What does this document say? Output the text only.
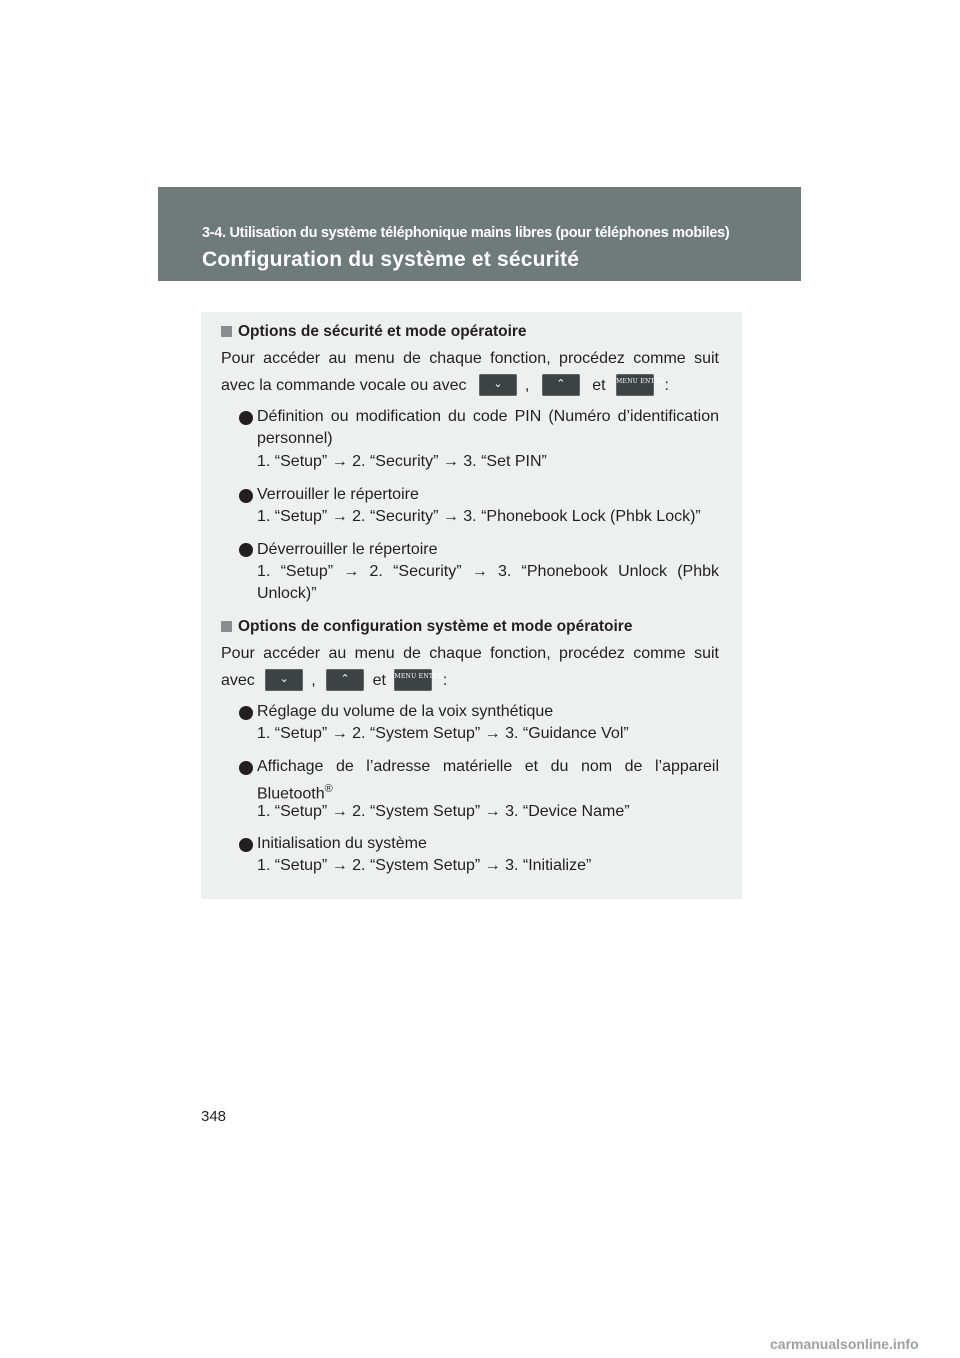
3-4. Utilisation du système téléphonique mains libres (pour téléphones mobiles)
Configuration du système et sécurité
Options de sécurité et mode opératoire
Pour accéder au menu de chaque fonction, procédez comme suit
avec la commande vocale ou avec	⌄	,	⌃	et MENU ENTER :
Définition ou modification du code PIN (Numéro d’identification
personnel)
1. “Setup” → 2. “Security” → 3. “Set PIN”
Verrouiller le répertoire
1. “Setup” → 2. “Security” → 3. “Phonebook Lock (Phbk Lock)”
Déverrouiller le répertoire
1. “Setup” → 2. “Security” → 3. “Phonebook Unlock (Phbk
Unlock)”
Options de configuration système et mode opératoire
Pour accéder au menu de chaque fonction, procédez comme suit
avec	⌄	,	⌃	et MENU ENTER :
Réglage du volume de la voix synthétique
1. “Setup” → 2. “System Setup” → 3. “Guidance Vol”
Affichage de l’adresse matérielle et du nom de l’appareil
Bluetooth®
1. “Setup” → 2. “System Setup” → 3. “Device Name”
Initialisation du système
1. “Setup” → 2. “System Setup” → 3. “Initialize”
348
carmanualsonline.info
